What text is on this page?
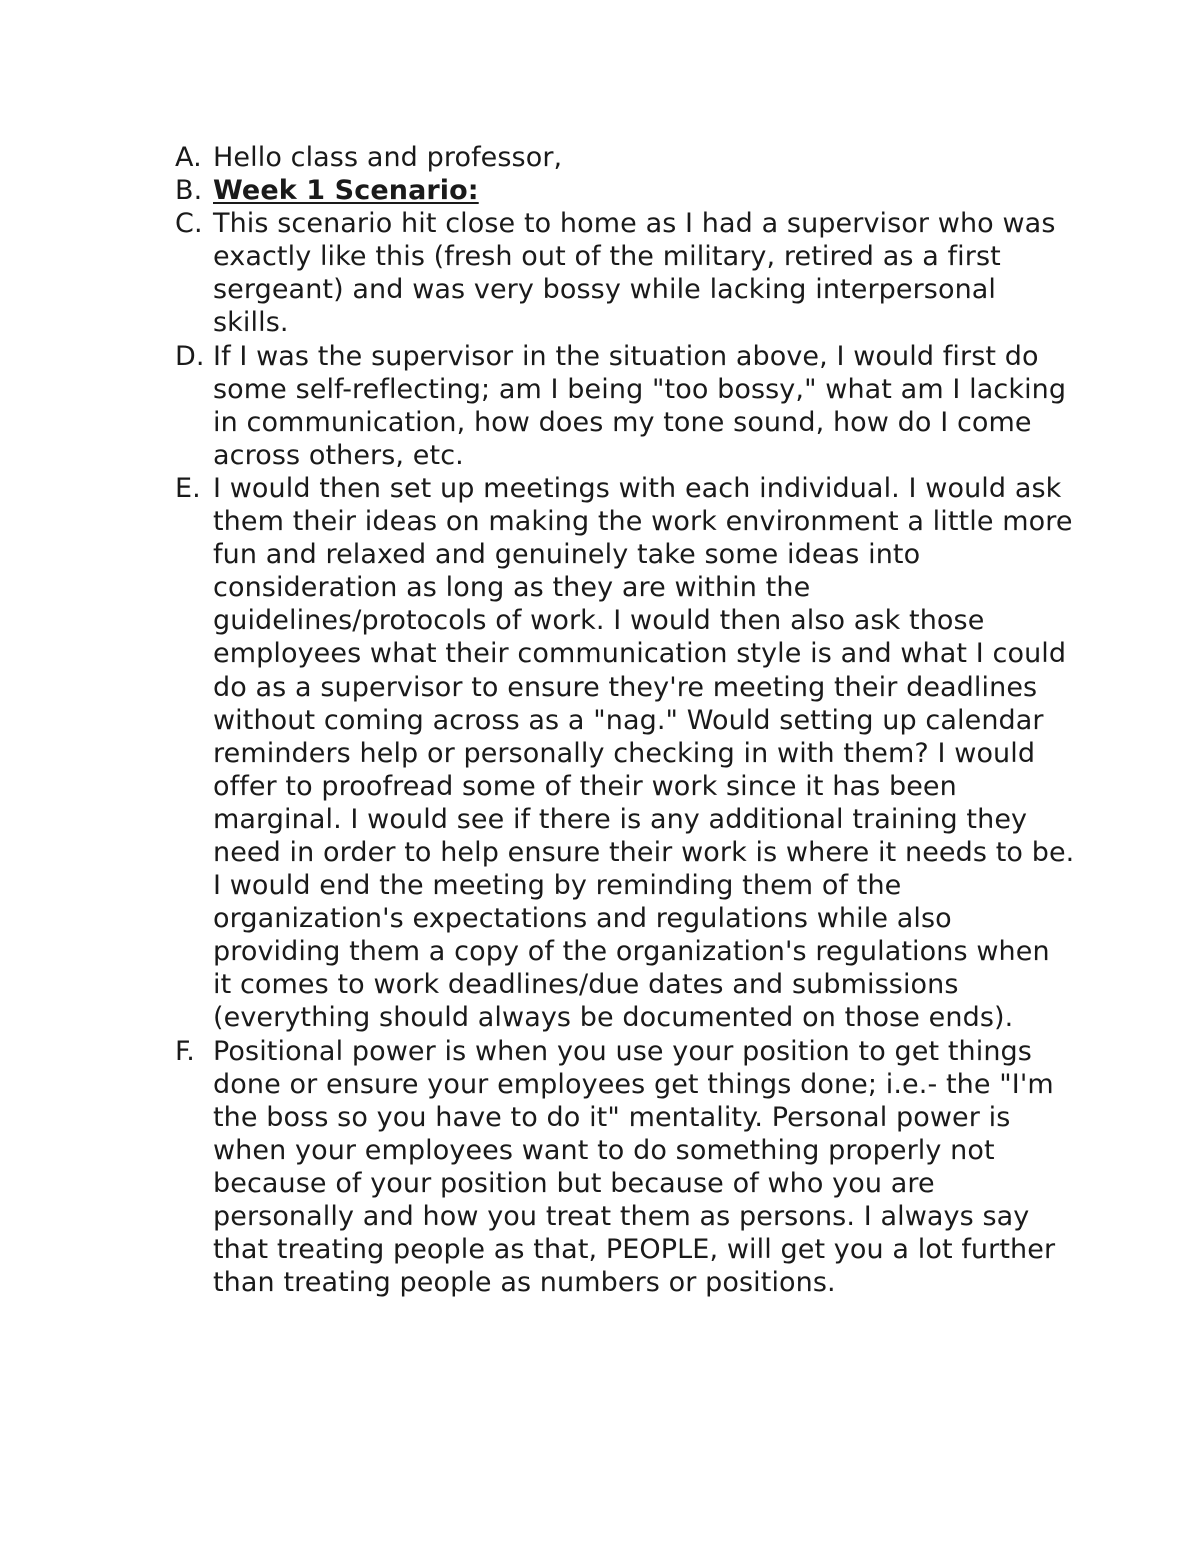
A. Hello class and professor,
B. Week 1 Scenario:
C. This scenario hit close to home as I had a supervisor who was exactly like this (fresh out of the military, retired as a first sergeant) and was very bossy while lacking interpersonal skills.
D. If I was the supervisor in the situation above, I would first do some self-reflecting; am I being "too bossy," what am I lacking in communication, how does my tone sound, how do I come across others, etc.
E. I would then set up meetings with each individual. I would ask them their ideas on making the work environment a little more fun and relaxed and genuinely take some ideas into consideration as long as they are within the guidelines/protocols of work. I would then also ask those employees what their communication style is and what I could do as a supervisor to ensure they're meeting their deadlines without coming across as a "nag." Would setting up calendar reminders help or personally checking in with them? I would offer to proofread some of their work since it has been marginal. I would see if there is any additional training they need in order to help ensure their work is where it needs to be. I would end the meeting by reminding them of the organization's expectations and regulations while also providing them a copy of the organization's regulations when it comes to work deadlines/due dates and submissions (everything should always be documented on those ends).
F. Positional power is when you use your position to get things done or ensure your employees get things done; i.e.- the "I'm the boss so you have to do it" mentality. Personal power is when your employees want to do something properly not because of your position but because of who you are personally and how you treat them as persons. I always say that treating people as that, PEOPLE, will get you a lot further than treating people as numbers or positions.
